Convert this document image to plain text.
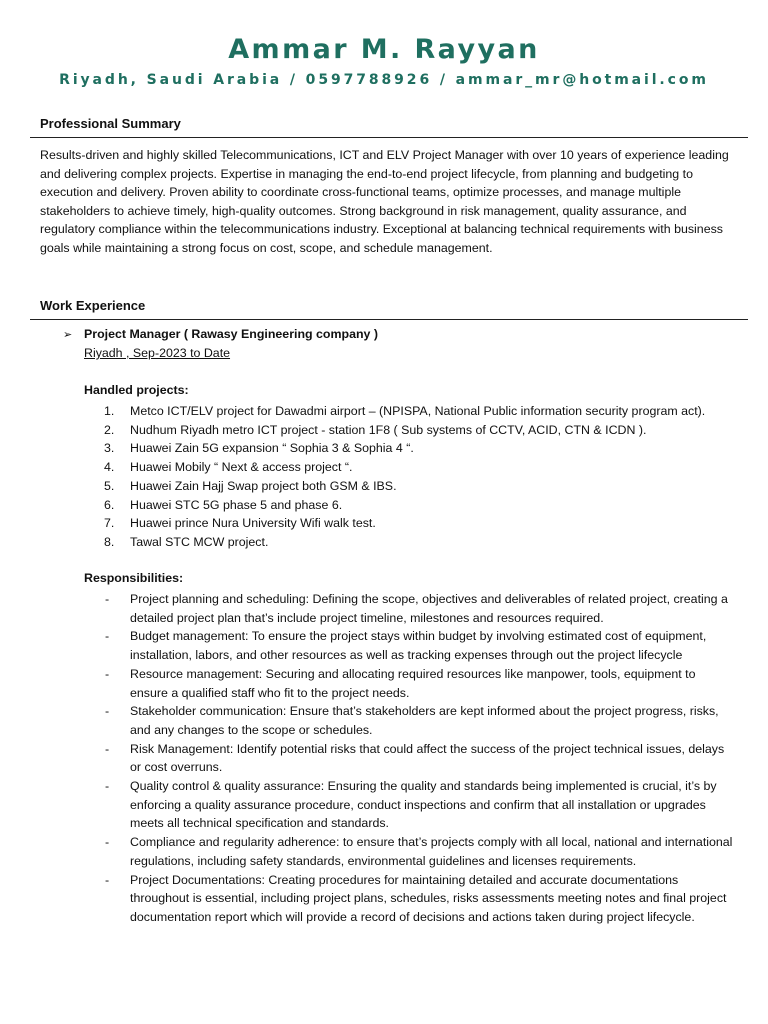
Ammar M. Rayyan
Riyadh, Saudi Arabia / 0597788926 / ammar_mr@hotmail.com
Professional Summary
Results-driven and highly skilled Telecommunications, ICT and ELV Project Manager with over 10 years of experience leading and delivering complex projects. Expertise in managing the end-to-end project lifecycle, from planning and budgeting to execution and delivery. Proven ability to coordinate cross-functional teams, optimize processes, and manage multiple stakeholders to achieve timely, high-quality outcomes. Strong background in risk management, quality assurance, and regulatory compliance within the telecommunications industry. Exceptional at balancing technical requirements with business goals while maintaining a strong focus on cost, scope, and schedule management.
Work Experience
➢ Project Manager ( Rawasy Engineering company )
Riyadh , Sep-2023 to Date
Handled projects:
1. Metco ICT/ELV project for Dawadmi airport – (NPISPA, National Public information security program act).
2. Nudhum Riyadh metro ICT project - station 1F8 ( Sub systems of CCTV, ACID, CTN & ICDN ).
3. Huawei Zain 5G expansion “ Sophia 3 & Sophia 4 “.
4. Huawei Mobily “ Next & access project “.
5. Huawei Zain Hajj Swap project both GSM & IBS.
6. Huawei STC 5G phase 5 and phase 6.
7. Huawei prince Nura University Wifi walk test.
8. Tawal STC MCW project.
Responsibilities:
- Project planning and scheduling: Defining the scope, objectives and deliverables of related project, creating a detailed project plan that’s include project timeline, milestones and resources required.
- Budget management: To ensure the project stays within budget by involving estimated cost of equipment, installation, labors, and other resources as well as tracking expenses through out the project lifecycle
- Resource management: Securing and allocating required resources like manpower, tools, equipment to ensure a qualified staff who fit to the project needs.
- Stakeholder communication: Ensure that’s stakeholders are kept informed about the project progress, risks, and any changes to the scope or schedules.
- Risk Management: Identify potential risks that could affect the success of the project technical issues, delays or cost overruns.
- Quality control & quality assurance: Ensuring the quality and standards being implemented is crucial, it’s by enforcing a quality assurance procedure, conduct inspections and confirm that all installation or upgrades meets all technical specification and standards.
- Compliance and regularity adherence: to ensure that’s projects comply with all local, national and international regulations, including safety standards, environmental guidelines and licenses requirements.
- Project Documentations: Creating procedures for maintaining detailed and accurate documentations throughout is essential, including project plans, schedules, risks assessments meeting notes and final project documentation report which will provide a record of decisions and actions taken during project lifecycle.
